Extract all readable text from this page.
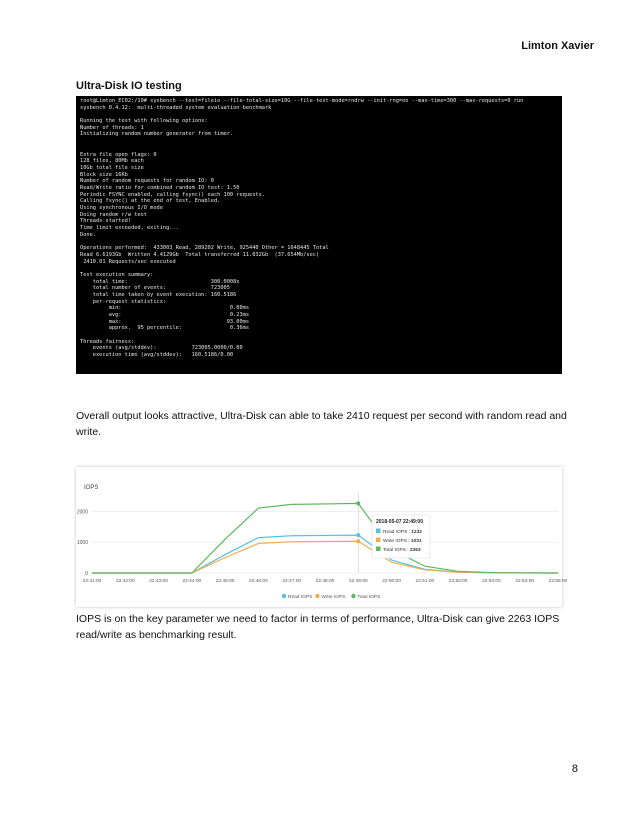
Limton Xavier
Ultra-Disk IO testing
root@Limton_EC02:/10# sysbench --test=fileio --file-total-size=10G --file-test-mode=rndrw --init-rng=on --max-time=300 --max-requests=0 run
sysbench 0.4.12:  multi-threaded system evaluation benchmark
Running the test with following options:
Number of threads: 1
Initializing random number generator from timer.
Extra file open flags: 0
128 files, 80Mb each
10Gb total file size
Block size 16Kb
Number of random requests for random IO: 0
Read/Write ratio for combined random IO test: 1.50
Periodic FSYNC enabled, calling fsync() each 100 requests.
Calling fsync() at the end of test, Enabled.
Using synchronous I/O mode
Doing random r/w test
Threads started!
Time limit exceeded, exiting...
Done.
Operations performed:  433003 Read, 289202 Write, 925440 Other = 1648445 Total
Read 6.6193Gb  Written 4.4129Gb  Total transferred 11.032Gb  (37.654Mb/sec)
2410.01 Requests/sec executed
Test execution summary:
total time:                          300.0008s
total number of events:              723005
total time taken by event execution: 160.5186
per-request statistics:
min:                                  0.00ms
avg:                                  0.23ms
max:                                 93.00ms
approx.  95 percentile:               0.36ms
Threads fairness:
events (avg/stddev):           723005.0000/0.00
execution time (avg/stddev):   160.5186/0.00
Overall output looks attractive, Ultra-Disk can able to take 2410 request per second with random read and write.
IOPS
0
1000
2000
22:41:00	22:42:00	22:43:00	22:44:00	22:45:00	22:46:00	22:47:00	22:48:00	22:49:00	22:50:00	22:51:00	22:52:00	22:53:00	22:54:00	22:55:00
2018-05-07 22:49:00
Read IOPS : 1232
Write IOPS : 1031
Total IOPS : 2263
Read IOPS Write IOPS	Total IOPS
IOPS is on the key parameter we need to factor in terms of performance, Ultra-Disk can give 2263 IOPS read/write as benchmarking result.
8
